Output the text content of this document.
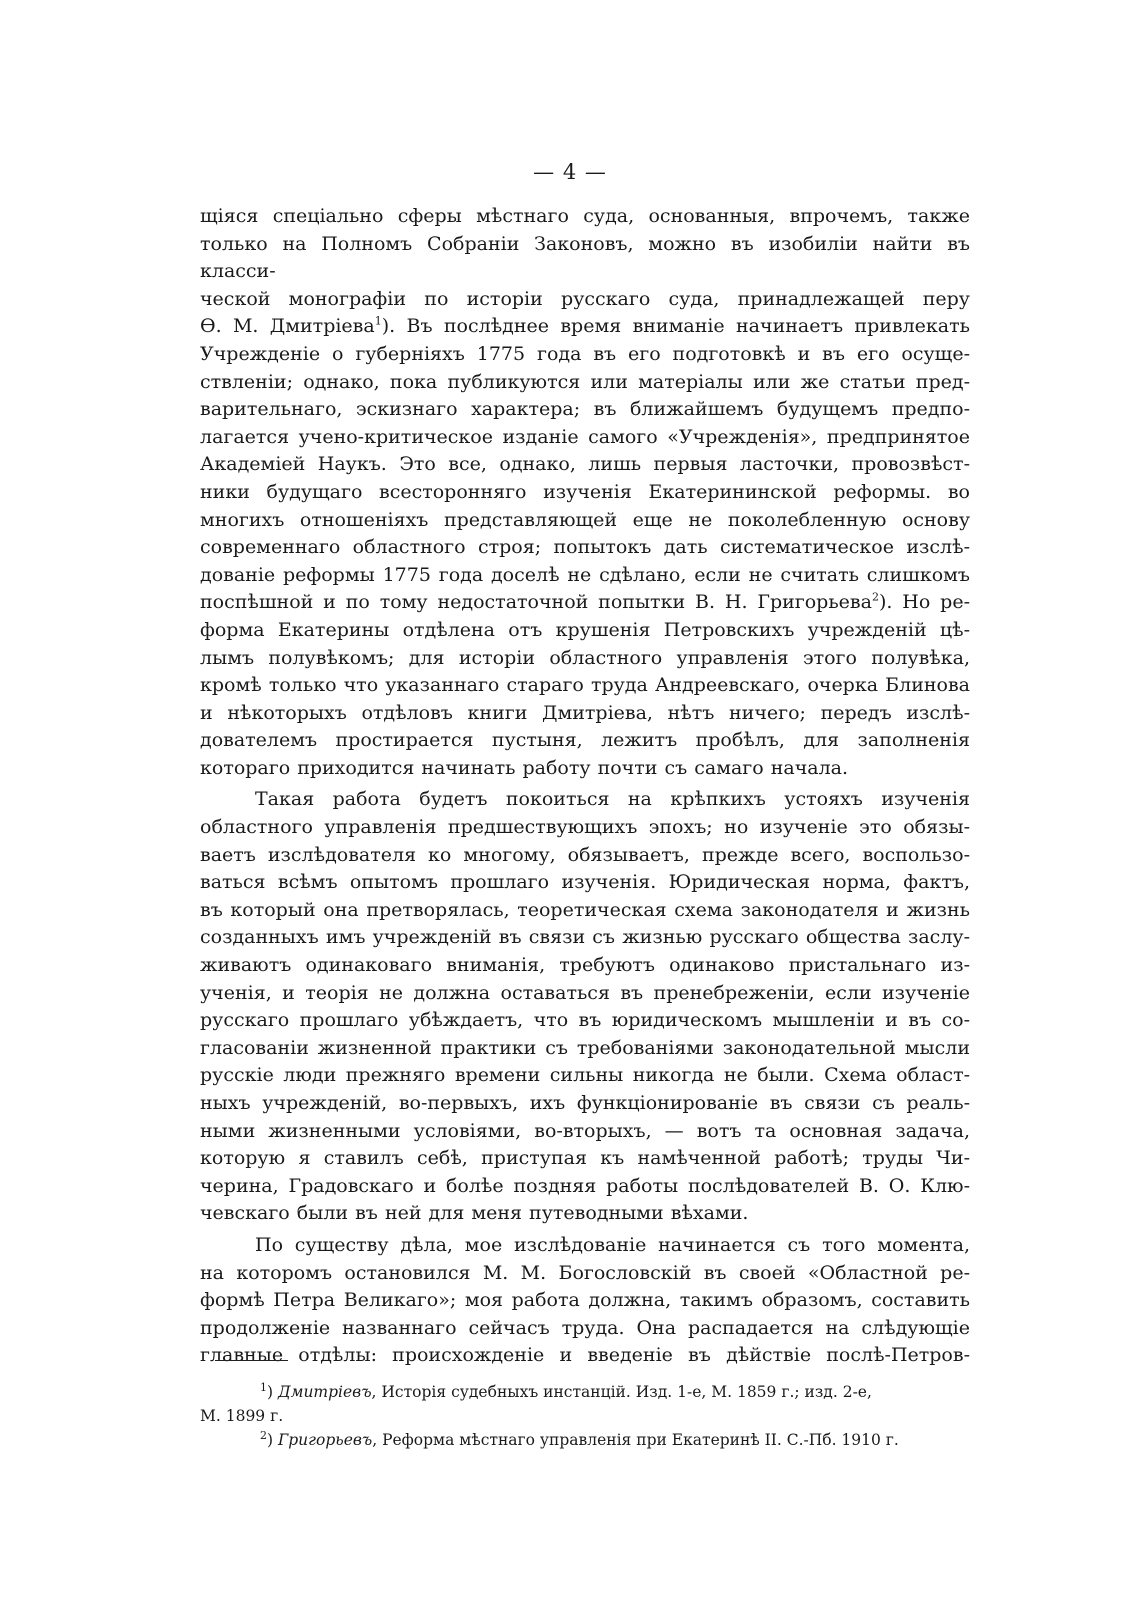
— 4 —

щіяся спеціально сферы мѣстнаго суда, основанныя, впрочемъ, также

только на Полномъ Собраніи Законовъ, можно въ изобиліи найти въ класси-

ческой монографіи по исторіи русскаго суда, принадлежащей перу

Ѳ. М. Дмитріева$^1$). Въ послѣднее время вниманіе начинаетъ привлекать

Учрежденіе о губерніяхъ 1775 года въ его подготовкѣ и въ его осуще-

ствленіи; однако, пока публикуются или матеріалы или же статьи пред-

варительнаго, эскизнаго характера; въ ближайшемъ будущемъ предпо-

лагается учено-критическое изданіе самого «Учрежденія», предпринятое

Академіей Наукъ. Это все, однако, лишь первыя ласточки, провозвѣст-

ники будущаго всесторонняго изученія Екатерининской реформы. во

многихъ отношеніяхъ представляющей еще не поколебленную основу

современнаго областного строя; попытокъ дать систематическое изслѣ-

дованіе реформы 1775 года доселѣ не сдѣлано, если не считать слишкомъ

поспѣшной и по тому недостаточной попытки В. Н. Григорьева$^2$). Но ре-

форма Екатерины отдѣлена отъ крушенія Петровскихъ учрежденій цѣ-

лымъ полувѣкомъ; для исторіи областного управленія этого полувѣка,

кромѣ только что указаннаго стараго труда Андреевскаго, очерка Блинова

и нѣкоторыхъ отдѣловъ книги Дмитріева, нѣтъ ничего; передъ изслѣ-

дователемъ простирается пустыня, лежитъ пробѣлъ, для заполненія

котораго приходится начинать работу почти съ самаго начала.

Такая работа будетъ покоиться на крѣпкихъ устояхъ изученія

областного управленія предшествующихъ эпохъ; но изученіе это обязы-

ваетъ изслѣдователя ко многому, обязываетъ, прежде всего, воспользо-

ваться всѣмъ опытомъ прошлаго изученія. Юридическая норма, фактъ,

въ который она претворялась, теоретическая схема законодателя и жизнь

созданныхъ имъ учрежденій въ связи съ жизнью русскаго общества заслу-

живаютъ одинаковаго вниманія, требуютъ одинаково пристальнаго из-

ученія, и теорія не должна оставаться въ пренебреженіи, если изученіе

русскаго прошлаго убѣждаетъ, что въ юридическомъ мышленіи и въ со-

гласованіи жизненной практики съ требованіями законодательной мысли

русскіе люди прежняго времени сильны никогда не были. Схема област-

ныхъ учрежденій, во-первыхъ, ихъ функціонированіе въ связи съ реаль-

ными жизненными условіями, во-вторыхъ, — вотъ та основная задача,

которую я ставилъ себѣ, приступая къ намѣченной работѣ; труды Чи-

черина, Градовскаго и болѣе поздняя работы послѣдователей В. О. Клю-

чевскаго были въ ней для меня путеводными вѣхами.

По существу дѣла, мое изслѣдованіе начинается съ того момента,

на которомъ остановился М. М. Богословскій въ своей «Областной ре-

формѣ Петра Великаго»; моя работа должна, такимъ образомъ, составить

продолженіе названнаго сейчасъ труда. Она распадается на слѣдующіе

главные отдѣлы: происхожденіе и введеніе въ дѣйствіе послѣ-Петров-

$^1$) Дмитріевъ, Исторія судебныхъ инстанцій. Изд. 1-е, М. 1859 г.; изд. 2-е,

М. 1899 г.

$^2$) Григорьевъ, Реформа мѣстнаго управленія при Екатеринѣ II. С.-Пб. 1910 г.
